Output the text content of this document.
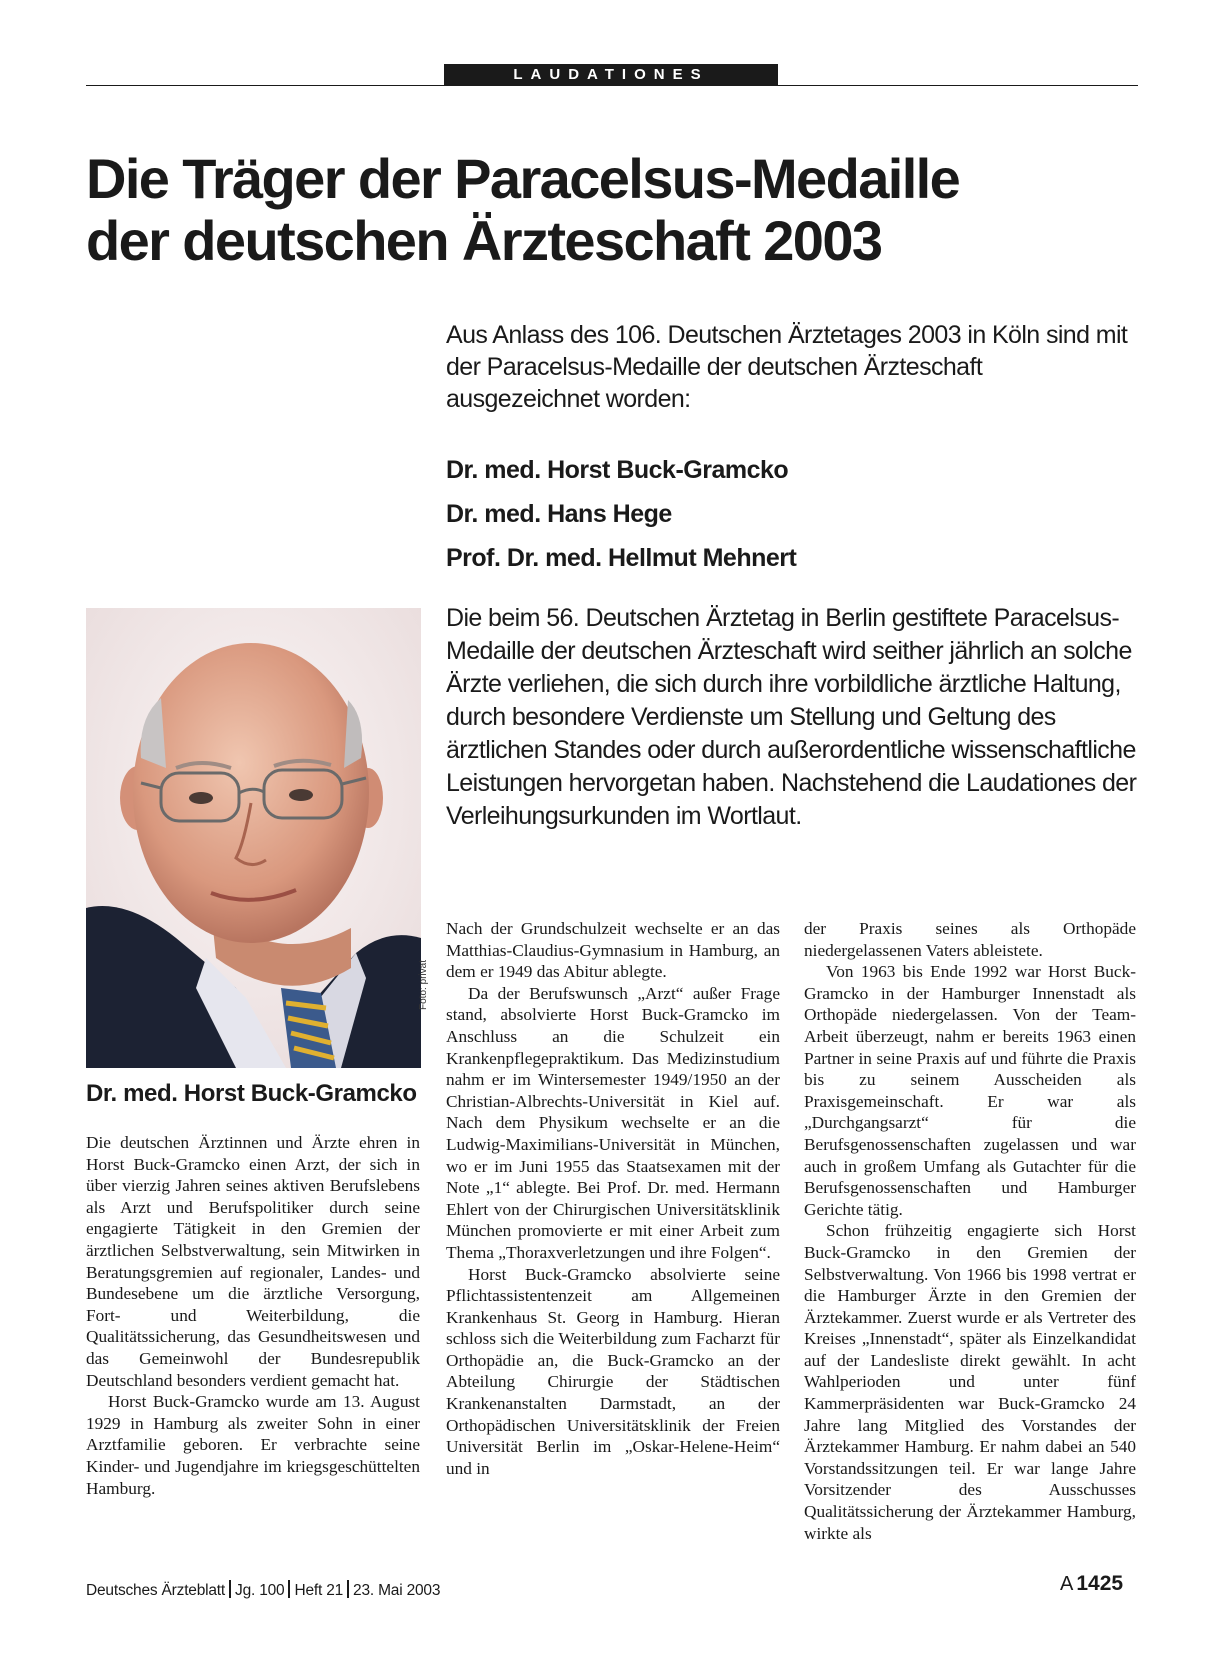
LAUDATIONES
Die Träger der Paracelsus-Medaille
der deutschen Ärzteschaft 2003

Aus Anlass des 106. Deutschen Ärztetages 2003 in Köln sind mit der Paracelsus-Medaille der deutschen Ärzteschaft ausgezeichnet worden:

Dr. med. Horst Buck-Gramcko
Dr. med. Hans Hege
Prof. Dr. med. Hellmut Mehnert

Die beim 56. Deutschen Ärztetag in Berlin gestiftete Paracelsus-Medaille der deutschen Ärzteschaft wird seither jährlich an solche Ärzte verliehen, die sich durch ihre vorbildliche ärztliche Haltung, durch besondere Verdienste um Stellung und Geltung des ärztlichen Standes oder durch außerordentliche wissenschaftliche Leistungen hervorgetan haben. Nachstehend die Laudationes der Verleihungsurkunden im Wortlaut.

Foto: privat
Dr. med. Horst Buck-Gramcko

Die deutschen Ärztinnen und Ärzte ehren in Horst Buck-Gramcko einen Arzt, der sich in über vierzig Jahren seines aktiven Berufslebens als Arzt und Berufspolitiker durch seine engagierte Tätigkeit in den Gremien der ärztlichen Selbstverwaltung, sein Mitwirken in Beratungsgremien auf regionaler, Landes- und Bundesebene um die ärztliche Versorgung, Fort- und Weiterbildung, die Qualitätssicherung, das Gesundheitswesen und das Gemeinwohl der Bundesrepublik Deutschland besonders verdient gemacht hat.

Horst Buck-Gramcko wurde am 13. August 1929 in Hamburg als zweiter Sohn in einer Arztfamilie geboren. Er verbrachte seine Kinder- und Jugendjahre im kriegsgeschüttelten Hamburg.

Nach der Grundschulzeit wechselte er an das Matthias-Claudius-Gymnasium in Hamburg, an dem er 1949 das Abitur ablegte.

Da der Berufswunsch „Arzt“ außer Frage stand, absolvierte Horst Buck-Gramcko im Anschluss an die Schulzeit ein Krankenpflegepraktikum. Das Medizinstudium nahm er im Wintersemester 1949/1950 an der Christian-Albrechts-Universität in Kiel auf. Nach dem Physikum wechselte er an die Ludwig-Maximilians-Universität in München, wo er im Juni 1955 das Staatsexamen mit der Note „1“ ablegte. Bei Prof. Dr. med. Hermann Ehlert von der Chirurgischen Universitätsklinik München promovierte er mit einer Arbeit zum Thema „Thoraxverletzungen und ihre Folgen“.

Horst Buck-Gramcko absolvierte seine Pflichtassistentenzeit am Allgemeinen Krankenhaus St. Georg in Hamburg. Hieran schloss sich die Weiterbildung zum Facharzt für Orthopädie an, die Buck-Gramcko an der Abteilung Chirurgie der Städtischen Krankenanstalten Darmstadt, an der Orthopädischen Universitätsklinik der Freien Universität Berlin im „Oskar-Helene-Heim“ und in

der Praxis seines als Orthopäde niedergelassenen Vaters ableistete.

Von 1963 bis Ende 1992 war Horst Buck-Gramcko in der Hamburger Innenstadt als Orthopäde niedergelassen. Von der Team-Arbeit überzeugt, nahm er bereits 1963 einen Partner in seine Praxis auf und führte die Praxis bis zu seinem Ausscheiden als Praxisgemeinschaft. Er war als „Durchgangsarzt“ für die Berufsgenossenschaften zugelassen und war auch in großem Umfang als Gutachter für die Berufsgenossenschaften und Hamburger Gerichte tätig.

Schon frühzeitig engagierte sich Horst Buck-Gramcko in den Gremien der Selbstverwaltung. Von 1966 bis 1998 vertrat er die Hamburger Ärzte in den Gremien der Ärztekammer. Zuerst wurde er als Vertreter des Kreises „Innenstadt“, später als Einzelkandidat auf der Landesliste direkt gewählt. In acht Wahlperioden und unter fünf Kammerpräsidenten war Buck-Gramcko 24 Jahre lang Mitglied des Vorstandes der Ärztekammer Hamburg. Er nahm dabei an 540 Vorstandssitzungen teil. Er war lange Jahre Vorsitzender des Ausschusses Qualitätssicherung der Ärztekammer Hamburg, wirkte als

Deutsches Ärzteblatt Jg. 100 Heft 21 23. Mai 2003	A 1425
